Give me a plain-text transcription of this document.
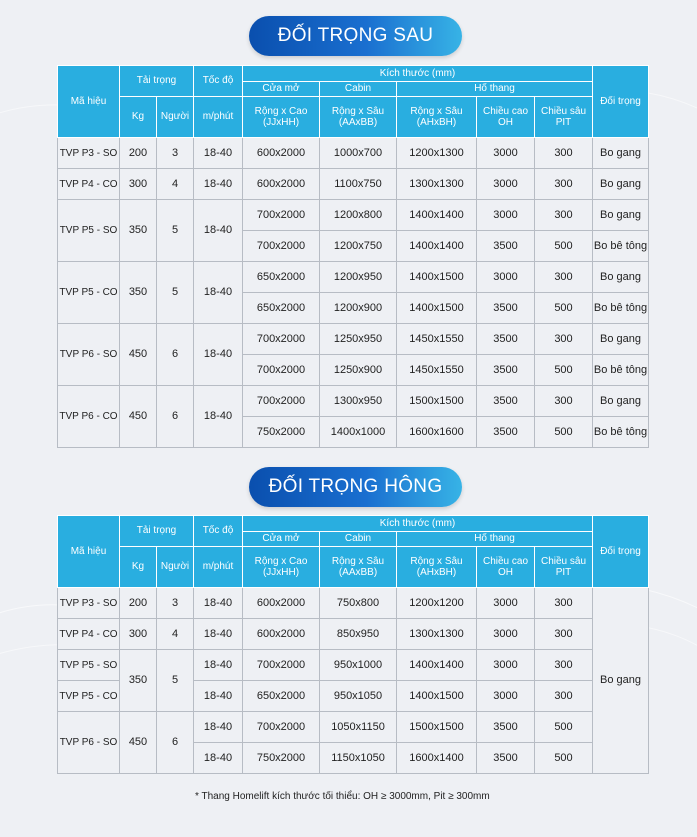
ĐỐI TRỌNG SAU
Mã hiệu	Tải trọng		Tốc độ	Kích thước (mm)					Đối trọng
				Cửa mở	Cabin	Hố thang			
	Kg	Người	m/phút	Rộng x Cao (JJxHH)	Rộng x Sâu (AAxBB)	Rộng x Sâu (AHxBH)	Chiều cao OH	Chiều sâu PIT	
TVP P3 - SO	200	3	18-40	600x2000	1000x700	1200x1300	3000	300	Bo gang
TVP P4 - CO	300	4	18-40	600x2000	1100x750	1300x1300	3000	300	Bo gang
TVP P5 - SO	350	5	18-40	700x2000	1200x800	1400x1400	3000	300	Bo gang
				700x2000	1200x750	1400x1400	3500	500	Bo bê tông
TVP P5 - CO	350	5	18-40	650x2000	1200x950	1400x1500	3000	300	Bo gang
				650x2000	1200x900	1400x1500	3500	500	Bo bê tông
TVP P6 - SO	450	6	18-40	700x2000	1250x950	1450x1550	3500	300	Bo gang
				700x2000	1250x900	1450x1550	3500	500	Bo bê tông
TVP P6 - CO	450	6	18-40	700x2000	1300x950	1500x1500	3500	300	Bo gang
				750x2000	1400x1000	1600x1600	3500	500	Bo bê tông
ĐỐI TRỌNG HÔNG
Mã hiệu	Tải trọng		Tốc độ	Kích thước (mm)					Đối trọng
				Cửa mở	Cabin	Hố thang			
	Kg	Người	m/phút	Rộng x Cao (JJxHH)	Rộng x Sâu (AAxBB)	Rộng x Sâu (AHxBH)	Chiều cao OH	Chiều sâu PIT	
TVP P3 - SO	200	3	18-40	600x2000	750x800	1200x1200	3000	300	Bo gang
TVP P4 - CO	300	4	18-40	600x2000	850x950	1300x1300	3000	300	
TVP P5 - SO	350	5	18-40	700x2000	950x1000	1400x1400	3000	300	
TVP P5 - CO			18-40	650x2000	950x1050	1400x1500	3000	300	
TVP P6 - SO	450	6	18-40	700x2000	1050x1150	1500x1500	3500	500	
			18-40	750x2000	1150x1050	1600x1400	3500	500	
* Thang Homelift kích thước tối thiểu: OH ≥ 3000mm, Pit ≥ 300mm
